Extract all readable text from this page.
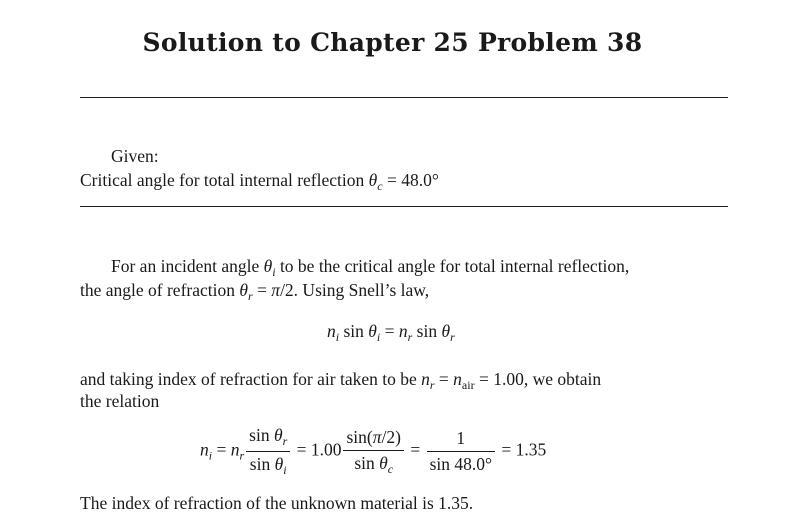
Solution to Chapter 25 Problem 38
Given:
Critical angle for total internal reflection $\theta_c = 48.0^\circ$
For an incident angle $\theta_i$ to be the critical angle for total internal reflection,
the angle of refraction $\theta_r = \pi/2$. Using Snell’s law,
$n_i$ $\sin \theta_i = n_r$ $\sin \theta_r$
and taking index of refraction for air taken to be $n_r = n_{air} = 1.00$, we obtain
the relation
$n_i = n_r \frac{\sin \theta_r}{\sin \theta_i} = 1.00 \frac{\sin(\pi/2)}{\sin \theta_c} = \frac{1}{\sin 48.0^\circ} = 1.35$
The index of refraction of the unknown material is 1.35.
